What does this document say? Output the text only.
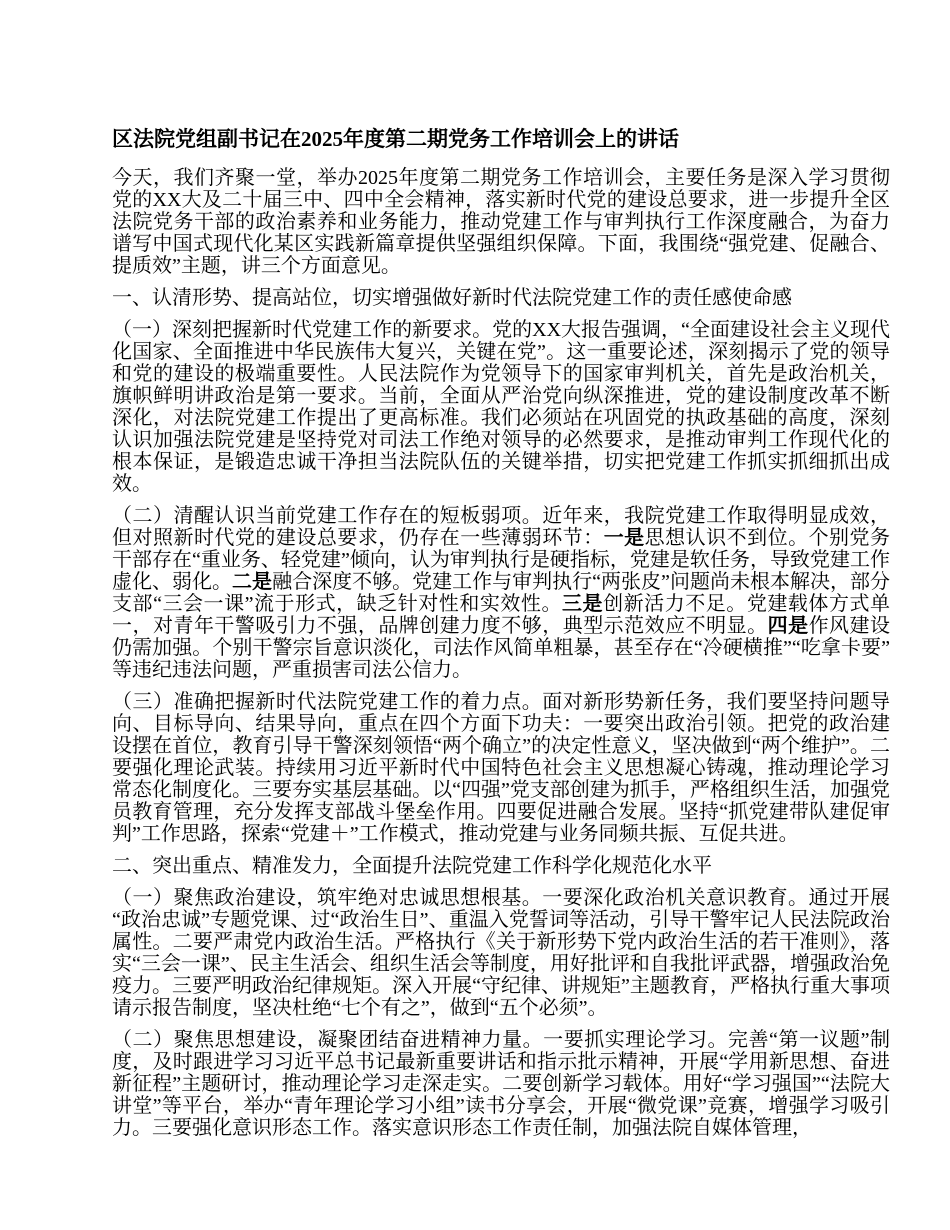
区法院党组副书记在2025年度第二期党务工作培训会上的讲话

今天，我们齐聚一堂，举办2025年度第二期党务工作培训会，主要任务是深入学习贯彻党的XX大及二十届三中、四中全会精神，落实新时代党的建设总要求，进一步提升全区法院党务干部的政治素养和业务能力，推动党建工作与审判执行工作深度融合，为奋力谱写中国式现代化某区实践新篇章提供坚强组织保障。下面，我围绕“强党建、促融合、提质效”主题，讲三个方面意见。

一、认清形势、提高站位，切实增强做好新时代法院党建工作的责任感使命感

（一）深刻把握新时代党建工作的新要求。党的XX大报告强调，“全面建设社会主义现代化国家、全面推进中华民族伟大复兴，关键在党”。这一重要论述，深刻揭示了党的领导和党的建设的极端重要性。人民法院作为党领导下的国家审判机关，首先是政治机关，旗帜鲜明讲政治是第一要求。当前，全面从严治党向纵深推进，党的建设制度改革不断深化，对法院党建工作提出了更高标准。我们必须站在巩固党的执政基础的高度，深刻认识加强法院党建是坚持党对司法工作绝对领导的必然要求，是推动审判工作现代化的根本保证，是锻造忠诚干净担当法院队伍的关键举措，切实把党建工作抓实抓细抓出成效。

（二）清醒认识当前党建工作存在的短板弱项。近年来，我院党建工作取得明显成效，但对照新时代党的建设总要求，仍存在一些薄弱环节：一是思想认识不到位。个别党务干部存在“重业务、轻党建”倾向，认为审判执行是硬指标，党建是软任务，导致党建工作虚化、弱化。二是融合深度不够。党建工作与审判执行“两张皮”问题尚未根本解决，部分支部“三会一课”流于形式，缺乏针对性和实效性。三是创新活力不足。党建载体方式单一，对青年干警吸引力不强，品牌创建力度不够，典型示范效应不明显。四是作风建设仍需加强。个别干警宗旨意识淡化，司法作风简单粗暴，甚至存在“冷硬横推”“吃拿卡要”等违纪违法问题，严重损害司法公信力。

（三）准确把握新时代法院党建工作的着力点。面对新形势新任务，我们要坚持问题导向、目标导向、结果导向，重点在四个方面下功夫：一要突出政治引领。把党的政治建设摆在首位，教育引导干警深刻领悟“两个确立”的决定性意义，坚决做到“两个维护”。二要强化理论武装。持续用习近平新时代中国特色社会主义思想凝心铸魂，推动理论学习常态化制度化。三要夯实基层基础。以“四强”党支部创建为抓手，严格组织生活，加强党员教育管理，充分发挥支部战斗堡垒作用。四要促进融合发展。坚持“抓党建带队建促审判”工作思路，探索“党建＋”工作模式，推动党建与业务同频共振、互促共进。

二、突出重点、精准发力，全面提升法院党建工作科学化规范化水平

（一）聚焦政治建设，筑牢绝对忠诚思想根基。一要深化政治机关意识教育。通过开展“政治忠诚”专题党课、过“政治生日”、重温入党誓词等活动，引导干警牢记人民法院政治属性。二要严肃党内政治生活。严格执行《关于新形势下党内政治生活的若干准则》，落实“三会一课”、民主生活会、组织生活会等制度，用好批评和自我批评武器，增强政治免疫力。三要严明政治纪律规矩。深入开展“守纪律、讲规矩”主题教育，严格执行重大事项请示报告制度，坚决杜绝“七个有之”，做到“五个必须”。

（二）聚焦思想建设，凝聚团结奋进精神力量。一要抓实理论学习。完善“第一议题”制度，及时跟进学习习近平总书记最新重要讲话和指示批示精神，开展“学用新思想、奋进新征程”主题研讨，推动理论学习走深走实。二要创新学习载体。用好“学习强国”“法院大讲堂”等平台，举办“青年理论学习小组”读书分享会，开展“微党课”竞赛，增强学习吸引力。三要强化意识形态工作。落实意识形态工作责任制，加强法院自媒体管理，
